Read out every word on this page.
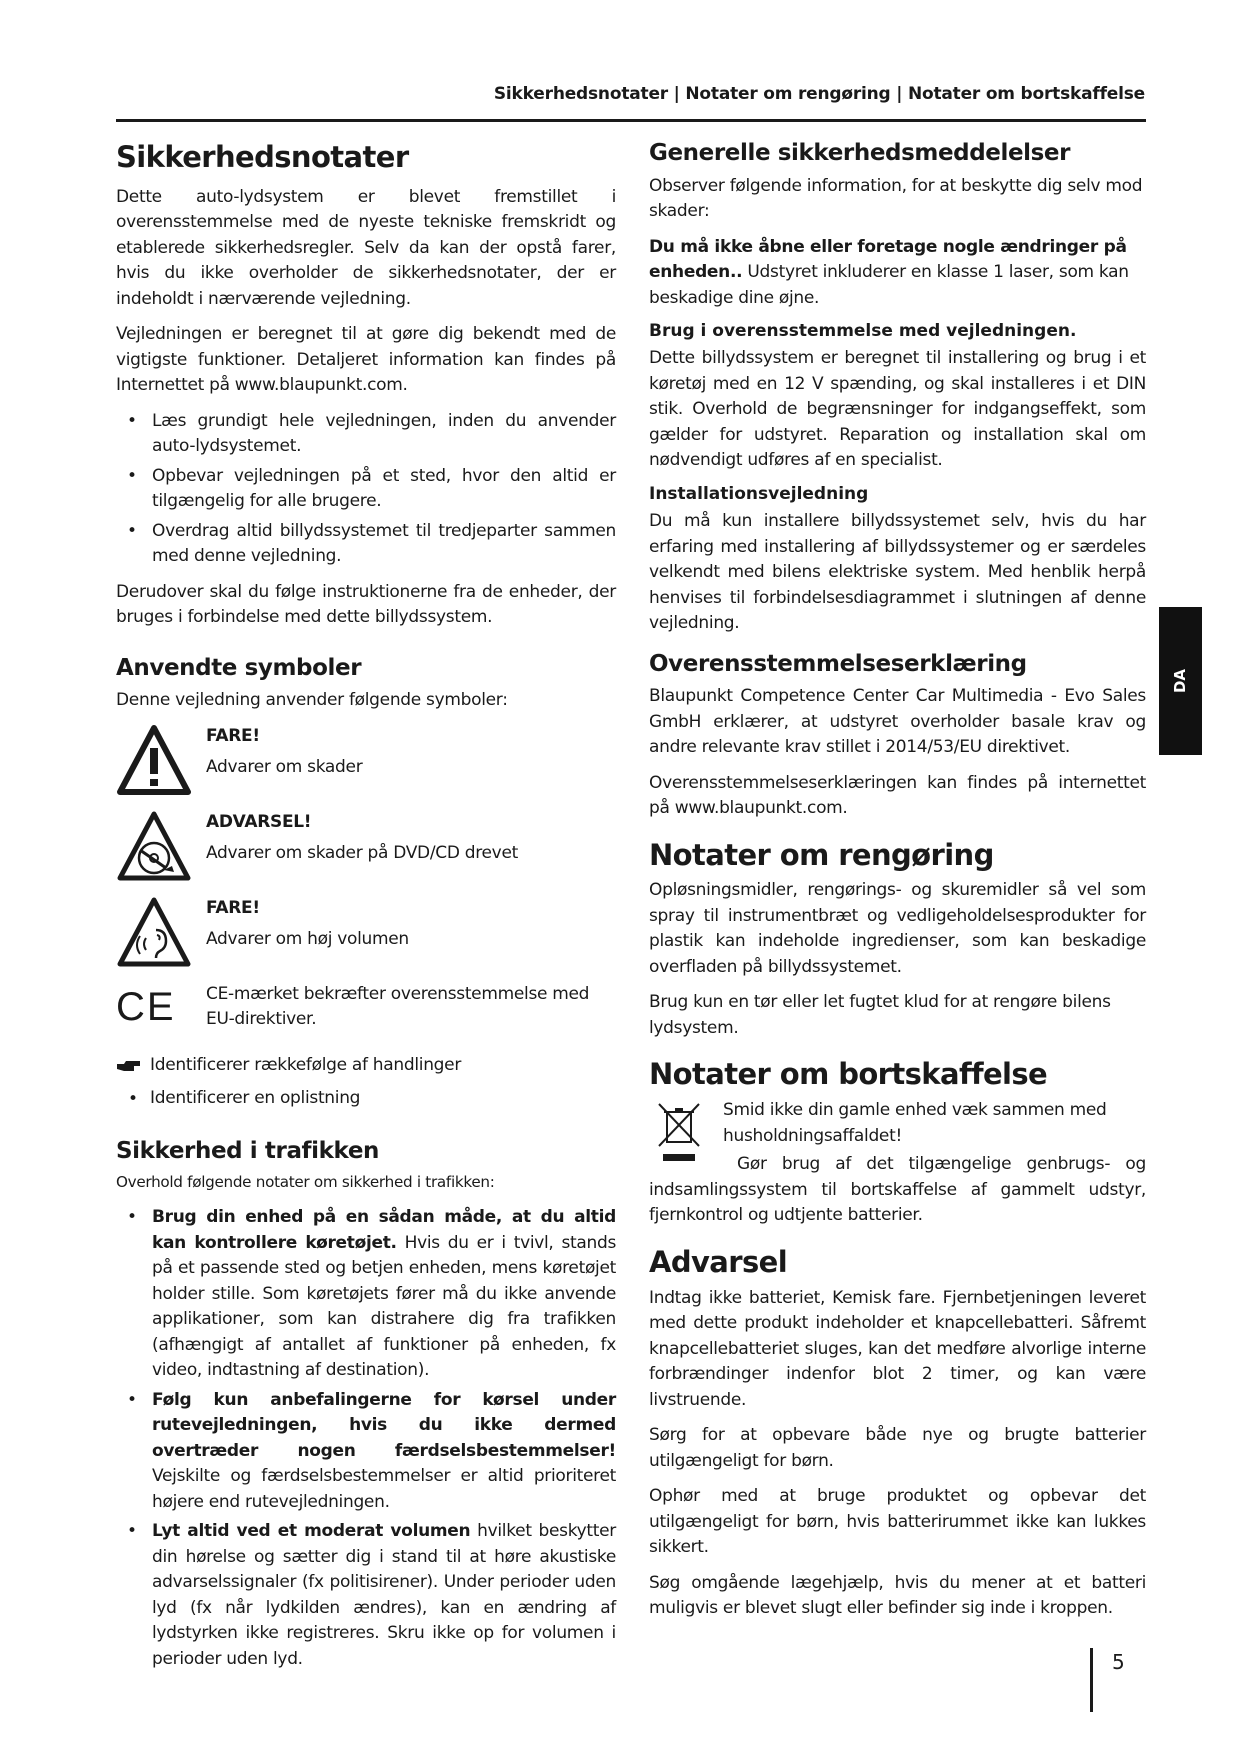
Sikkerhedsnotater | Notater om rengøring | Notater om bortskaffelse
Sikkerhedsnotater

Dette auto-lydsystem er blevet fremstillet i overensstemmelse med de nyeste tekniske fremskridt og etablerede sikkerhedsregler. Selv da kan der opstå farer, hvis du ikke overholder de sikkerhedsnotater, der er indeholdt i nærværende vejledning.

Vejledningen er beregnet til at gøre dig bekendt med de vigtigste funktioner. Detaljeret information kan findes på Internettet på www.blaupunkt.com.

• Læs grundigt hele vejledningen, inden du anvender auto-lydsystemet.
• Opbevar vejledningen på et sted, hvor den altid er tilgængelig for alle brugere.
• Overdrag altid billydssystemet til tredjeparter sammen med denne vejledning.

Derudover skal du følge instruktionerne fra de enheder, der bruges i forbindelse med dette billydssystem.

Anvendte symboler

Denne vejledning anvender følgende symboler:

FARE!

Advarer om skader

ADVARSEL!

Advarer om skader på DVD/CD drevet

FARE!

Advarer om høj volumen

CE	CE-mærket bekræfter overensstemmelse med EU-direktiver.

Identificerer rækkefølge af handlinger

• Identificerer en oplistning

Sikkerhed i trafikken

Overhold følgende notater om sikkerhed i trafikken:

• Brug din enhed på en sådan måde, at du altid kan kontrollere køretøjet. Hvis du er i tvivl, stands på et passende sted og betjen enheden, mens køretøjet holder stille. Som køretøjets fører må du ikke anvende applikationer, som kan distrahere dig fra trafikken (afhængigt af antallet af funktioner på enheden, fx video, indtastning af destination).
• Følg kun anbefalingerne for kørsel under rutevejledningen, hvis du ikke dermed overtræder nogen færdselsbestemmelser! Vejskilte og færdselsbestemmelser er altid prioriteret højere end rutevejledningen.
• Lyt altid ved et moderat volumen hvilket beskytter din hørelse og sætter dig i stand til at høre akustiske advarselssignaler (fx politisirener). Under perioder uden lyd (fx når lydkilden ændres), kan en ændring af lydstyrken ikke registreres. Skru ikke op for volumen i perioder uden lyd.
Generelle sikkerhedsmeddelelser

Observer følgende information, for at beskytte dig selv mod skader:

Du må ikke åbne eller foretage nogle ændringer på enheden.. Udstyret inkluderer en klasse 1 laser, som kan beskadige dine øjne.

Brug i overensstemmelse med vejledningen.

Dette billydssystem er beregnet til installering og brug i et køretøj med en 12 V spænding, og skal installeres i et DIN stik. Overhold de begrænsninger for indgangseffekt, som gælder for udstyret. Reparation og installation skal om nødvendigt udføres af en specialist.

Installationsvejledning

Du må kun installere billydssystemet selv, hvis du har erfaring med installering af billydssystemer og er særdeles velkendt med bilens elektriske system. Med henblik herpå henvises til forbindelsesdiagrammet i slutningen af denne vejledning.

Overensstemmelseserklæring

Blaupunkt Competence Center Car Multimedia - Evo Sales GmbH erklærer, at udstyret overholder basale krav og andre relevante krav stillet i 2014/53/EU direktivet.

Overensstemmelseserklæringen kan findes på internettet på www.blaupunkt.com.

Notater om rengøring

Opløsningsmidler, rengørings- og skuremidler så vel som spray til instrumentbræt og vedligeholdelsesprodukter for plastik kan indeholde ingredienser, som kan beskadige overfladen på billydssystemet.

Brug kun en tør eller let fugtet klud for at rengøre bilens lydsystem.

Notater om bortskaffelse

Smid ikke din gamle enhed væk sammen med husholdningsaffaldet!

Gør brug af det tilgængelige genbrugs- og indsamlingssystem til bortskaffelse af gammelt udstyr, fjernkontrol og udtjente batterier.

Advarsel

Indtag ikke batteriet, Kemisk fare. Fjernbetjeningen leveret med dette produkt indeholder et knapcellebatteri. Såfremt knapcellebatteriet sluges, kan det medføre alvorlige interne forbrændinger indenfor blot 2 timer, og kan være livstruende.

Sørg for at opbevare både nye og brugte batterier utilgængeligt for børn.

Ophør med at bruge produktet og opbevar det utilgængeligt for børn, hvis batterirummet ikke kan lukkes sikkert.

Søg omgående lægehjælp, hvis du mener at et batteri muligvis er blevet slugt eller befinder sig inde i kroppen.

DA
5
